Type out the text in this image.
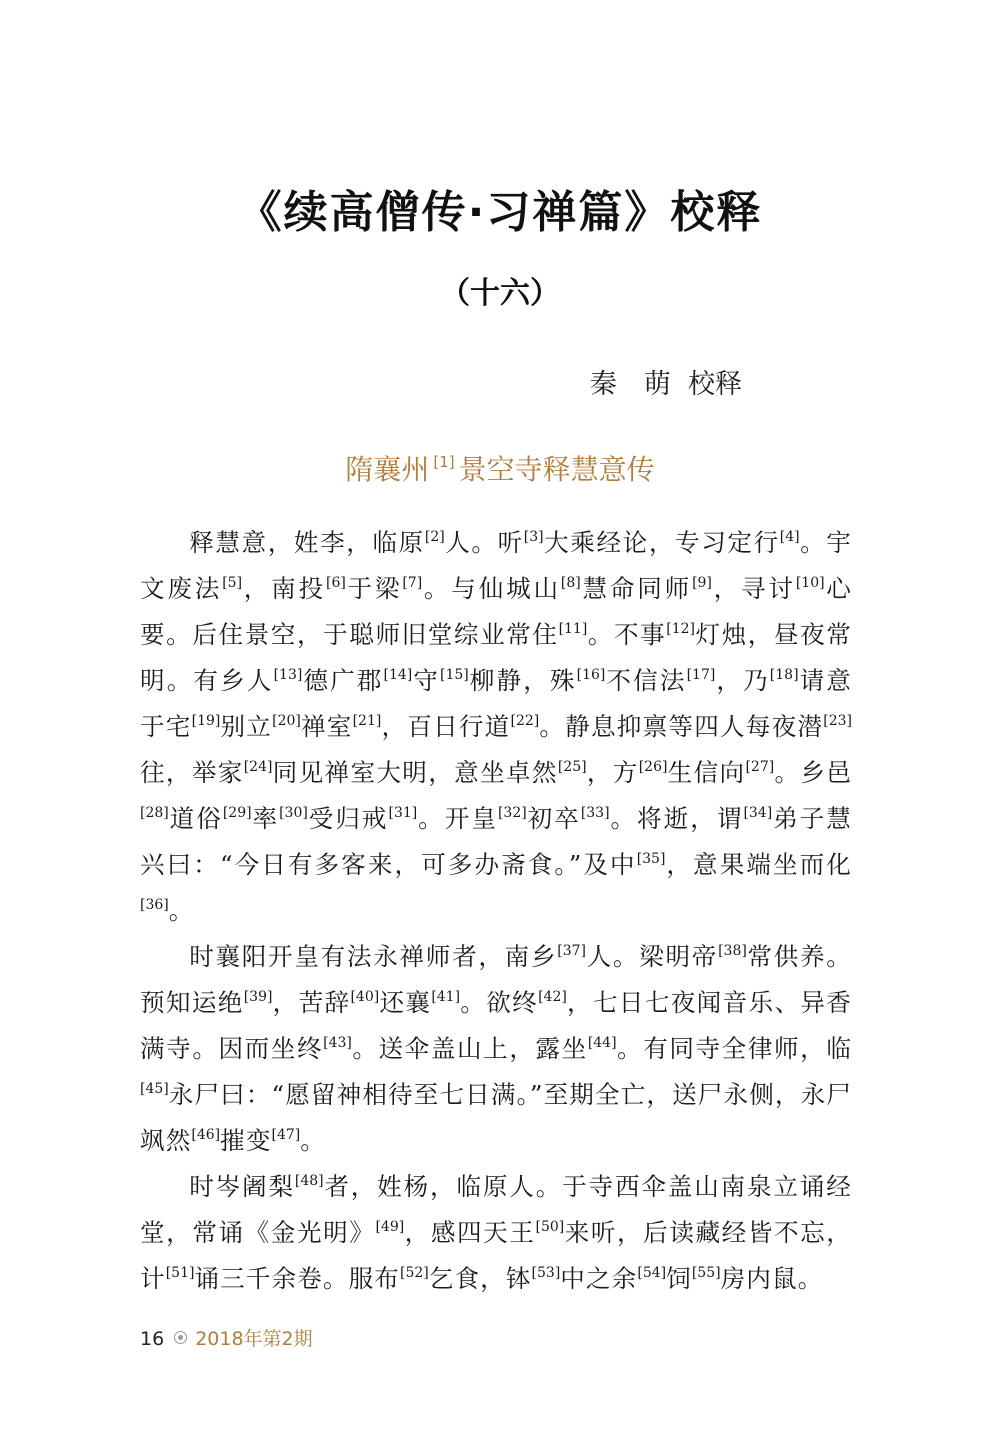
《续高僧传·习禅篇》校释
（十六）
秦　萌  校释
隋襄州 [1] 景空寺释慧意传

释慧意，姓李，临原[2]人。听[3]大乘经论，专习定行[4]。宇文废法[5]，南投[6]于梁[7]。与仙城山[8]慧命同师[9]，寻讨[10]心要。后住景空，于聪师旧堂综业常住[11]。不事[12]灯烛，昼夜常明。有乡人[13]德广郡[14]守[15]柳静，殊[16]不信法[17]，乃[18]请意于宅[19]别立[20]禅室[21]，百日行道[22]。静息抑禀等四人每夜潜[23]往，举家[24]同见禅室大明，意坐卓然[25]，方[26]生信向[27]。乡邑[28]道俗[29]率[30]受归戒[31]。开皇[32]初卒[33]。将逝，谓[34]弟子慧兴曰：“今日有多客来，可多办斋食。”及中[35]，意果端坐而化[36]。

时襄阳开皇有法永禅师者，南乡[37]人。梁明帝[38]常供养。预知运绝[39]，苦辞[40]还襄[41]。欲终[42]，七日七夜闻音乐、异香满寺。因而坐终[43]。送伞盖山上，露坐[44]。有同寺全律师，临[45]永尸曰：“愿留神相待至七日满。”至期全亡，送尸永侧，永尸飒然[46]摧变[47]。

时岑阇梨[48]者，姓杨，临原人。于寺西伞盖山南泉立诵经堂，常诵《金光明》[49]，感四天王[50]来听，后读藏经皆不忘，计[51]诵三千余卷。服布[52]乞食，钵[53]中之余[54]饲[55]房内鼠。

16 2018年第2期
